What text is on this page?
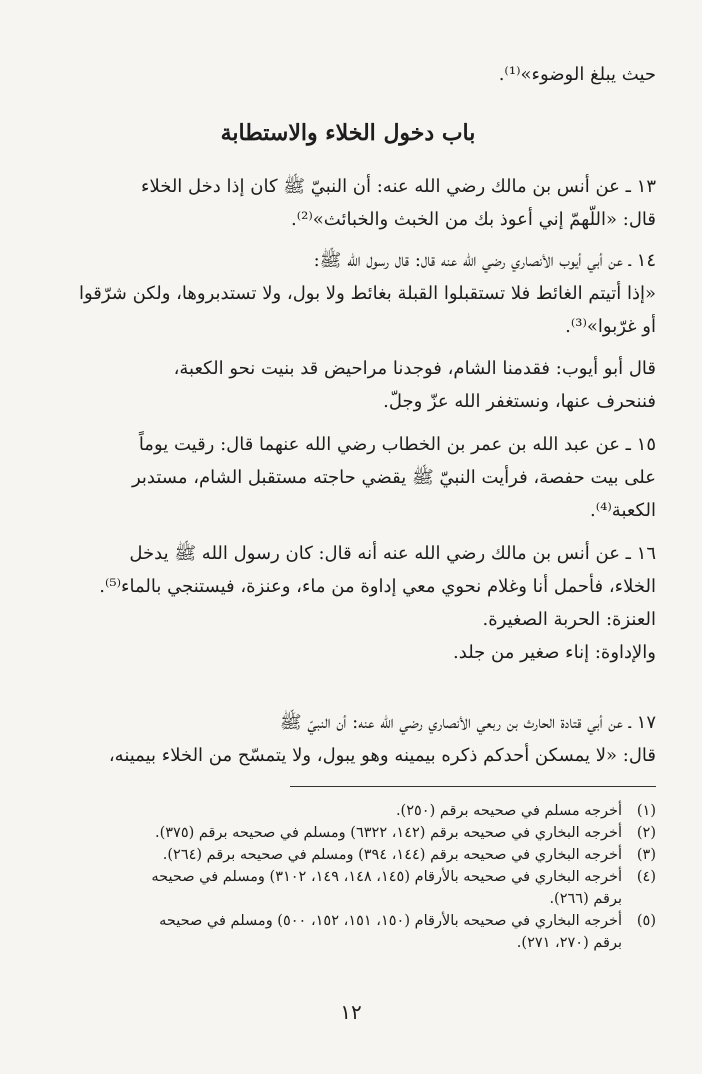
حيث يبلغ الوضوء»⁽¹⁾.

باب دخول الخلاء والاستطابة
١٣ ـ عن أنس بن مالك رضي الله عنه: أن النبيّ ﷺ كان إذا دخل الخلاء
قال: «اللّهمّ إني أعوذ بك من الخبث والخبائث»⁽²⁾.
١٤ ـ عن أبي أيوب الأنصاري رضي الله عنه قال: قال رسول الله ﷺ:
«إذا أتيتم الغائط فلا تستقبلوا القبلة بغائط ولا بول، ولا تستدبروها، ولكن شرّقوا
أو غرّبوا»⁽³⁾.
قال أبو أيوب: فقدمنا الشام، فوجدنا مراحيض قد بنيت نحو الكعبة،
فننحرف عنها، ونستغفر الله عزّ وجلّ.
١٥ ـ عن عبد الله بن عمر بن الخطاب رضي الله عنهما قال: رقيت يوماً
على بيت حفصة، فرأيت النبيّ ﷺ يقضي حاجته مستقبل الشام، مستدبر
الكعبة⁽⁴⁾.
١٦ ـ عن أنس بن مالك رضي الله عنه أنه قال: كان رسول الله ﷺ يدخل
الخلاء، فأحمل أنا وغلام نحوي معي إداوة من ماء، وعنزة، فيستنجي بالماء⁽⁵⁾.
العنزة: الحربة الصغيرة.
والإداوة: إناء صغير من جلد.
١٧ ـ عن أبي قتادة الحارث بن ربعي الأنصاري رضي الله عنه: أن النبيّ ﷺ
قال: «لا يمسكن أحدكم ذكره بيمينه وهو يبول، ولا يتمسّح من الخلاء بيمينه،
(١)أخرجه مسلم في صحيحه برقم (٢٥٠).
(٢)أخرجه البخاري في صحيحه برقم (١٤٢، ٦٣٢٢) ومسلم في صحيحه برقم (٣٧٥).
(٣)أخرجه البخاري في صحيحه برقم (١٤٤، ٣٩٤) ومسلم في صحيحه برقم (٢٦٤).
(٤)أخرجه البخاري في صحيحه بالأرقام (١٤٥، ١٤٨، ١٤٩، ٣١٠٢) ومسلم في صحيحه
برقم (٢٦٦).
(٥)أخرجه البخاري في صحيحه بالأرقام (١٥٠، ١٥١، ١٥٢، ٥٠٠) ومسلم في صحيحه
برقم (٢٧٠، ٢٧١).
١٢
